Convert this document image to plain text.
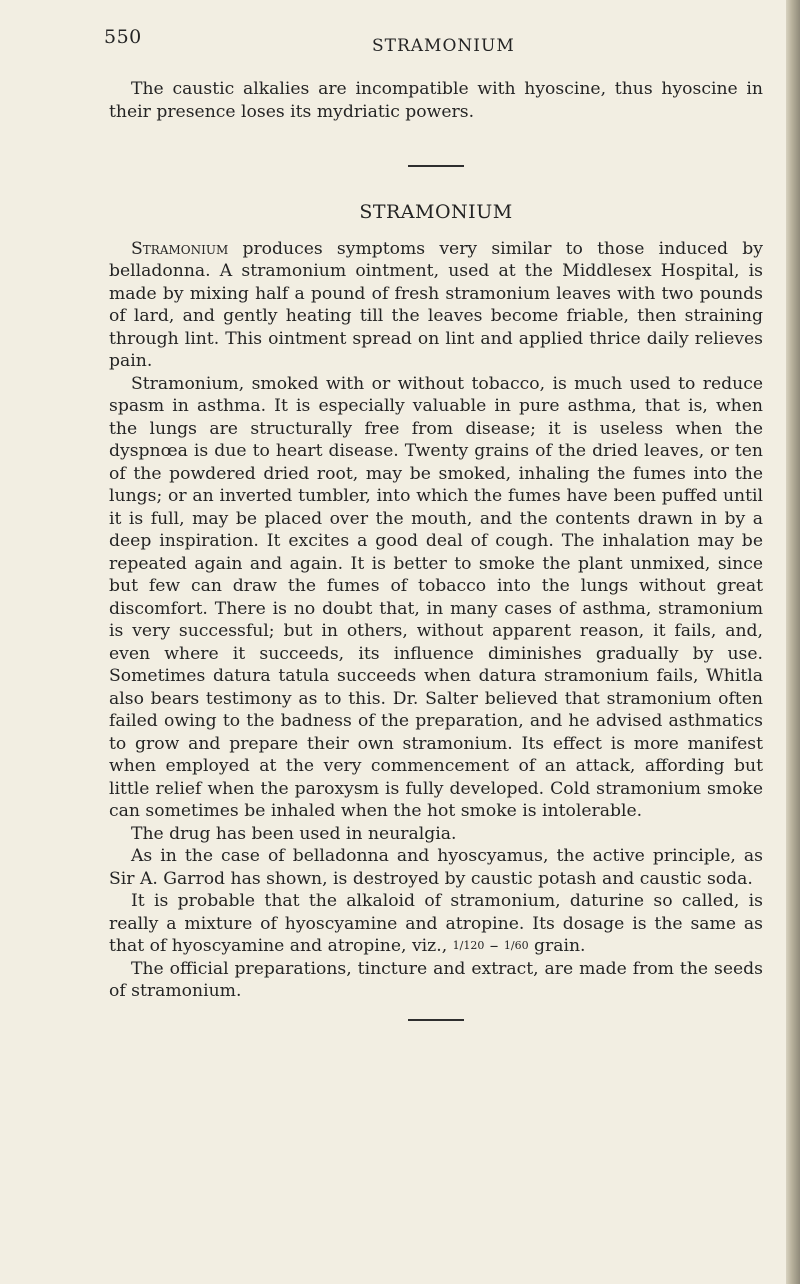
550	STRAMONIUM

The caustic alkalies are incompatible with hyoscine, thus hyoscine in their presence loses its mydriatic powers.

STRAMONIUM

Stramonium produces symptoms very similar to those induced by belladonna. A stramonium ointment, used at the Middlesex Hospital, is made by mixing half a pound of fresh stramonium leaves with two pounds of lard, and gently heating till the leaves become friable, then straining through lint. This ointment spread on lint and applied thrice daily relieves pain.

Stramonium, smoked with or without tobacco, is much used to reduce spasm in asthma. It is especially valuable in pure asthma, that is, when the lungs are structurally free from disease; it is useless when the dyspnœa is due to heart disease. Twenty grains of the dried leaves, or ten of the powdered dried root, may be smoked, inhaling the fumes into the lungs; or an inverted tumbler, into which the fumes have been puffed until it is full, may be placed over the mouth, and the contents drawn in by a deep inspiration. It excites a good deal of cough. The inhalation may be repeated again and again. It is better to smoke the plant unmixed, since but few can draw the fumes of tobacco into the lungs without great discomfort. There is no doubt that, in many cases of asthma, stramonium is very successful; but in others, without apparent reason, it fails, and, even where it succeeds, its influence diminishes gradually by use. Sometimes datura tatula succeeds when datura stramonium fails, Whitla also bears testimony as to this. Dr. Salter believed that stramonium often failed owing to the badness of the preparation, and he advised asthmatics to grow and prepare their own stramonium. Its effect is more manifest when employed at the very commencement of an attack, affording but little relief when the paroxysm is fully developed. Cold stramonium smoke can sometimes be inhaled when the hot smoke is intolerable.

The drug has been used in neuralgia.

As in the case of belladonna and hyoscyamus, the active principle, as Sir A. Garrod has shown, is destroyed by caustic potash and caustic soda.

It is probable that the alkaloid of stramonium, daturine so called, is really a mixture of hyoscyamine and atropine. Its dosage is the same as that of hyoscyamine and atropine, viz., 1/120 – 1/60 grain.

The official preparations, tincture and extract, are made from the seeds of stramonium.
